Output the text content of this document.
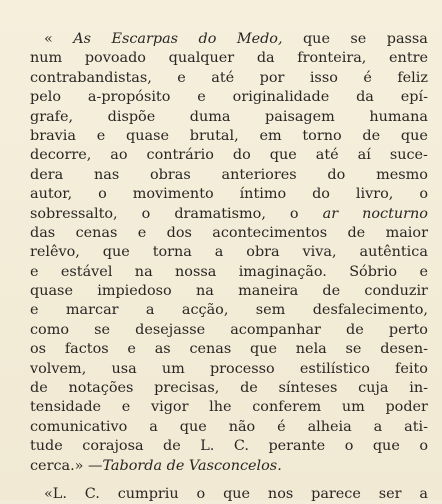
« As Escarpas do Medo, que se passa
num povoado qualquer da fronteira, entre
contrabandistas, e até por isso é feliz
pelo a-propósito e originalidade da epí-
grafe, dispõe duma paisagem humana
bravia e quase brutal, em torno de que
decorre, ao contrário do que até aí suce-
dera nas obras anteriores do mesmo
autor, o movimento íntimo do livro, o
sobressalto, o dramatismo, o ar nocturno
das cenas e dos acontecimentos de maior
relêvo, que torna a obra viva, autêntica
e estável na nossa imaginação. Sóbrio e
quase impiedoso na maneira de conduzir
e marcar a acção, sem desfalecimento,
como se desejasse acompanhar de perto
os factos e as cenas que nela se desen-
volvem, usa um processo estilístico feito
de notações precisas, de sínteses cuja in-
tensidade e vigor lhe conferem um poder
comunicativo a que não é alheia a ati-
tude corajosa de L. C. perante o que o
cerca.» — Taborda de Vasconcelos.
«L. C. cumpriu o que nos parece ser a
